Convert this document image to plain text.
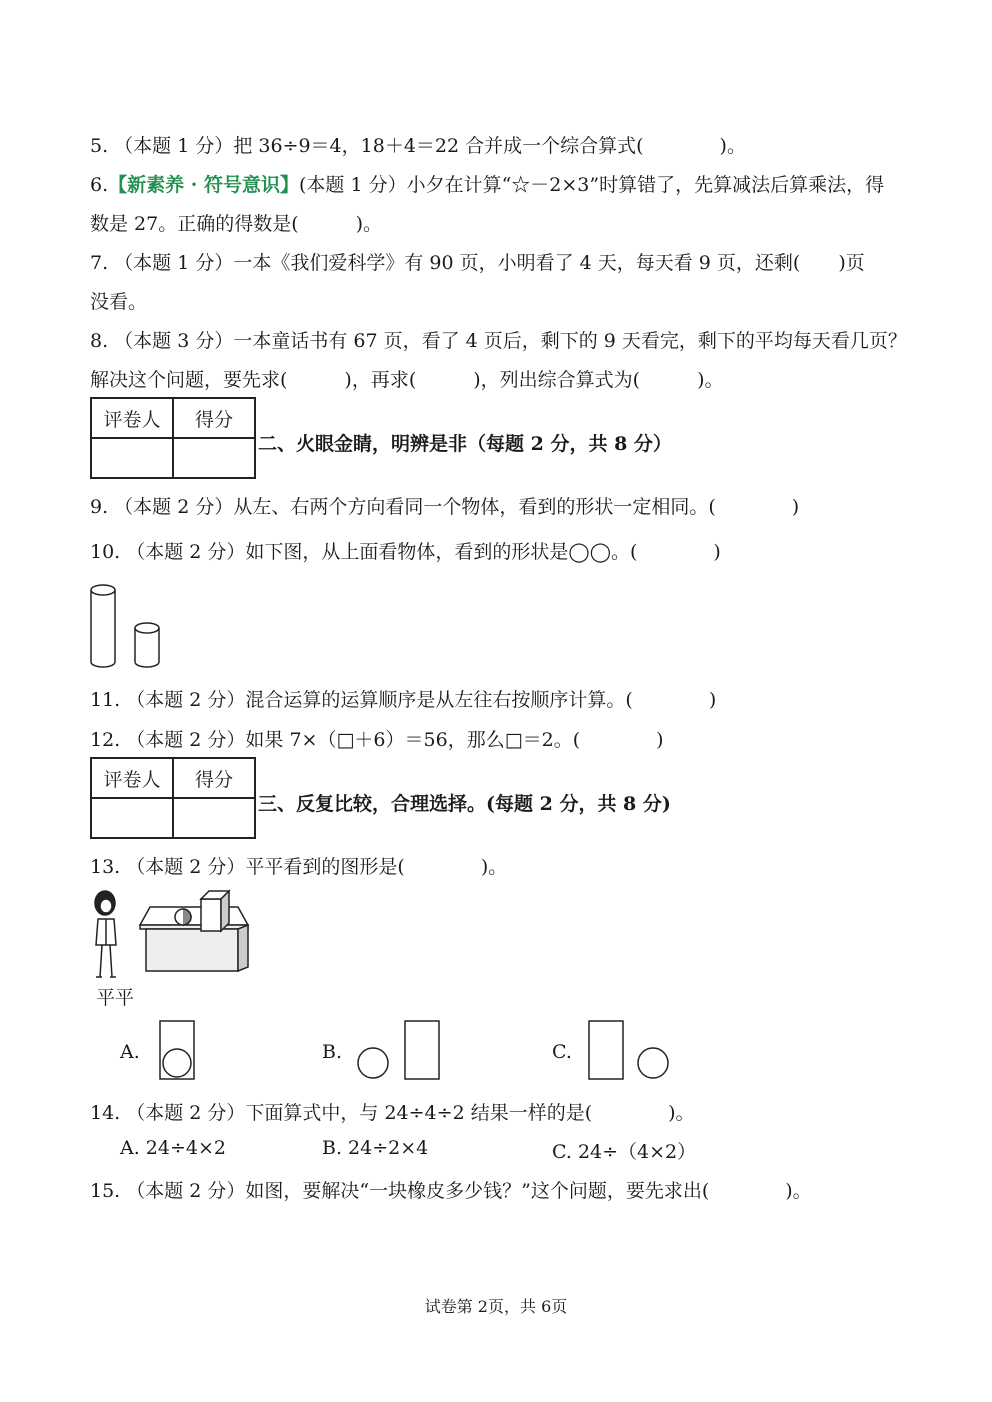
5. （本题 1 分）把 36÷9＝4，18＋4＝22 合并成一个综合算式(　　　　)。
6.【新素养 · 符号意识】(本题 1 分）小夕在计算“☆－2×3”时算错了，先算减法后算乘法，得
数是 27。正确的得数是(　　　)。
7. （本题 1 分）一本《我们爱科学》有 90 页，小明看了 4 天，每天看 9 页，还剩(　　)页
没看。
8. （本题 3 分）一本童话书有 67 页，看了 4 页后，剩下的 9 天看完，剩下的平均每天看几页？
解决这个问题，要先求(　　　)，再求(　　　)，列出综合算式为(　　　)。
评卷人	得分

二、火眼金睛，明辨是非（每题 2 分，共 8 分）
9. （本题 2 分）从左、右两个方向看同一个物体，看到的形状一定相同。(　　　　)
10. （本题 2 分）如下图，从上面看物体，看到的形状是◯◯。(　　　　)
11. （本题 2 分）混合运算的运算顺序是从左往右按顺序计算。(　　　　)
12. （本题 2 分）如果 7×（□＋6）＝56，那么□＝2。(　　　　)
评卷人	得分

三、反复比较，合理选择。(每题 2 分，共 8 分)
13. （本题 2 分）平平看到的图形是(　　　　)。
平平
A.	B.	C.
14. （本题 2 分）下面算式中，与 24÷4÷2 结果一样的是(　　　　)。
A. 24÷4×2	B. 24÷2×4	C. 24÷（4×2）
15. （本题 2 分）如图，要解决“一块橡皮多少钱？”这个问题，要先求出(　　　　)。
试卷第 2页，共 6页
